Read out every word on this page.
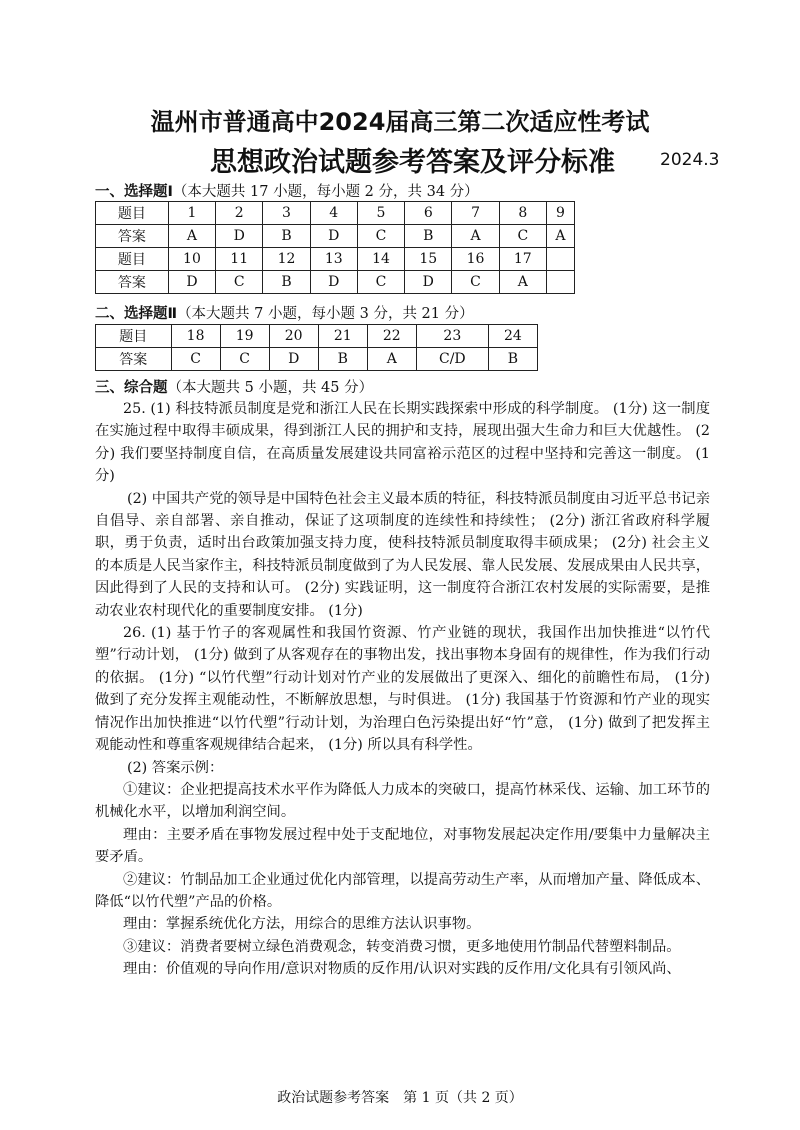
温州市普通高中2024届高三第二次适应性考试
思想政治试题参考答案及评分标准	2024.3
一、选择题Ⅰ（本大题共 17 小题，每小题 2 分，共 34 分）
题目	1	2	3	4	5	6	7	8	9
答案	A	D	B	D	C	B	A	C	A
题目	10	11	12	13	14	15	16	17	
答案	D	C	B	D	C	D	C	A	
二、选择题Ⅱ（本大题共 7 小题，每小题 3 分，共 21 分）
题目	18	19	20	21	22	23	24
答案	C	C	D	B	A	C/D	B
三、综合题（本大题共 5 小题，共 45 分）

25. (1) 科技特派员制度是党和浙江人民在长期实践探索中形成的科学制度。 (1分) 这一制度在实施过程中取得丰硕成果，得到浙江人民的拥护和支持，展现出强大生命力和巨大优越性。 (2分) 我们要坚持制度自信，在高质量发展建设共同富裕示范区的过程中坚持和完善这一制度。 (1分)

(2) 中国共产党的领导是中国特色社会主义最本质的特征，科技特派员制度由习近平总书记亲自倡导、亲自部署、亲自推动，保证了这项制度的连续性和持续性； (2分) 浙江省政府科学履职，勇于负责，适时出台政策加强支持力度，使科技特派员制度取得丰硕成果； (2分) 社会主义的本质是人民当家作主，科技特派员制度做到了为人民发展、靠人民发展、发展成果由人民共享，因此得到了人民的支持和认可。 (2分) 实践证明，这一制度符合浙江农村发展的实际需要，是推动农业农村现代化的重要制度安排。 (1分)

26. (1) 基于竹子的客观属性和我国竹资源、竹产业链的现状，我国作出加快推进“以竹代塑”行动计划， (1分) 做到了从客观存在的事物出发，找出事物本身固有的规律性，作为我们行动的依据。 (1分) “以竹代塑”行动计划对竹产业的发展做出了更深入、细化的前瞻性布局， (1分) 做到了充分发挥主观能动性，不断解放思想，与时俱进。 (1分) 我国基于竹资源和竹产业的现实情况作出加快推进“以竹代塑”行动计划，为治理白色污染提出好“竹”意， (1分) 做到了把发挥主观能动性和尊重客观规律结合起来， (1分) 所以具有科学性。

(2) 答案示例：

①建议：企业把提高技术水平作为降低人力成本的突破口，提高竹林采伐、运输、加工环节的机械化水平，以增加利润空间。

理由：主要矛盾在事物发展过程中处于支配地位，对事物发展起决定作用/要集中力量解决主要矛盾。

②建议：竹制品加工企业通过优化内部管理，以提高劳动生产率，从而增加产量、降低成本、降低“以竹代塑”产品的价格。

理由：掌握系统优化方法，用综合的思维方法认识事物。

③建议：消费者要树立绿色消费观念，转变消费习惯，更多地使用竹制品代替塑料制品。

理由：价值观的导向作用/意识对物质的反作用/认识对实践的反作用/文化具有引领风尚、

政治试题参考答案　第 1 页（共 2 页）
